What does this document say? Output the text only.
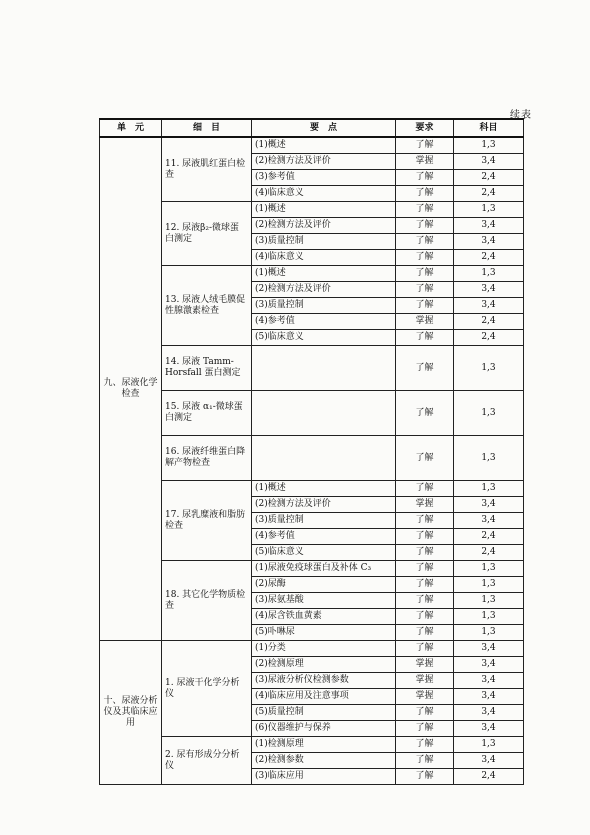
续表
单　元	细　目	要　点	要求	科目
九、尿液化学检查	11. 尿液肌红蛋白检查	(1)概述	了解	1,3
		(2)检测方法及评价	掌握	3,4
		(3)参考值	了解	2,4
		(4)临床意义	了解	2,4
	12. 尿液β₂-微球蛋白测定	(1)概述	了解	1,3
		(2)检测方法及评价	了解	3,4
		(3)质量控制	了解	3,4
		(4)临床意义	了解	2,4
	13. 尿液人绒毛膜促性腺激素检查	(1)概述	了解	1,3
		(2)检测方法及评价	了解	3,4
		(3)质量控制	了解	3,4
		(4)参考值	掌握	2,4
		(5)临床意义	了解	2,4
	14. 尿液 Tamm-Horsfall 蛋白测定		了解	1,3
	15. 尿液 α₁-微球蛋白测定		了解	1,3
	16. 尿液纤维蛋白降解产物检查		了解	1,3
	17. 尿乳糜液和脂肪检查	(1)概述	了解	1,3
		(2)检测方法及评价	掌握	3,4
		(3)质量控制	了解	3,4
		(4)参考值	了解	2,4
		(5)临床意义	了解	2,4
	18. 其它化学物质检查	(1)尿液免疫球蛋白及补体 C₃	了解	1,3
		(2)尿酶	了解	1,3
		(3)尿氨基酸	了解	1,3
		(4)尿含铁血黄素	了解	1,3
		(5)卟啉尿	了解	1,3
十、尿液分析仪及其临床应用	1. 尿液干化学分析仪	(1)分类	了解	3,4
		(2)检测原理	掌握	3,4
		(3)尿液分析仪检测参数	掌握	3,4
		(4)临床应用及注意事项	掌握	3,4
		(5)质量控制	了解	3,4
		(6)仪器维护与保养	了解	3,4
	2. 尿有形成分分析仪	(1)检测原理	了解	1,3
		(2)检测参数	了解	3,4
		(3)临床应用	了解	2,4
